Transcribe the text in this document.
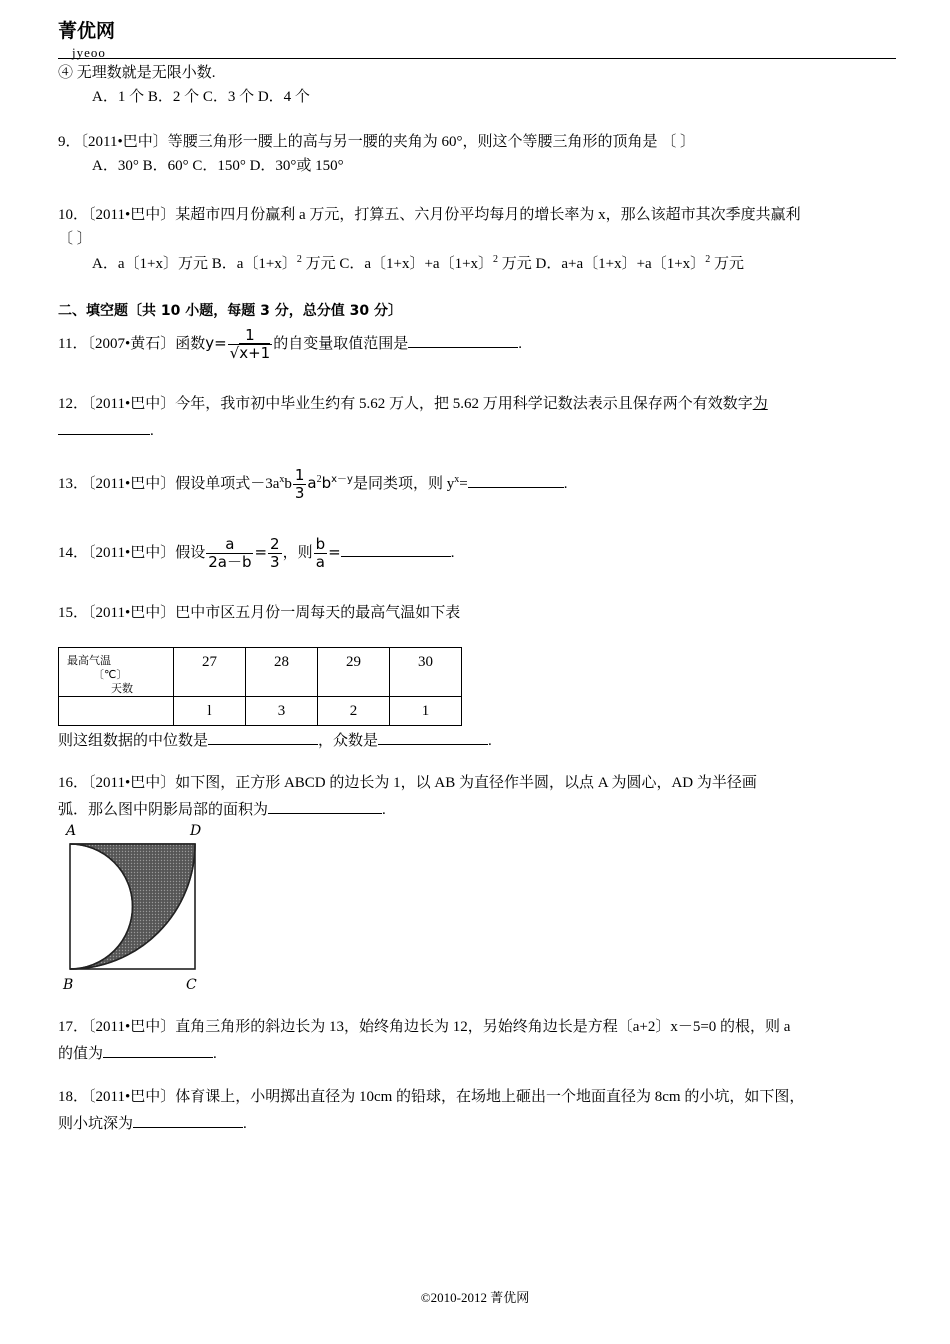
菁优网
jyeoo
④ 无理数就是无限小数.
A．1 个 B．2 个 C．3 个 D．4 个
9．〔2011•巴中〕等腰三角形一腰上的高与另一腰的夹角为 60°，则这个等腰三角形的顶角是 〔 〕
A．30° B．60° C．150° D．30°或 150°
10．〔2011•巴中〕某超市四月份赢利 a 万元，打算五、六月份平均每月的增长率为 x，那么该超市其次季度共赢利
〔 〕
A．a〔1+x〕万元 B．a〔1+x〕$^2$ 万元 C．a〔1+x〕+a〔1+x〕$^2$ 万元 D．a+a〔1+x〕+a〔1+x〕$^2$ 万元
二、填空题〔共 10 小题，每题 3 分，总分值 30 分〕
11．〔2007•黄石〕函数$y= \frac{1}{√x+1}$ 的自变量取值范围是	.
12．〔2011•巴中〕今年，我市初中毕业生约有 5.62 万人，把 5.62 万用科学记数法表示且保存两个有效数字为
.
13．〔2011•巴中〕假设单项式$-3a^xb \frac{1}{3} a^2b^{x-y}$是同类项，则 $y^x=$	.
14．〔2011•巴中〕假设 $\frac{a}{2a-b} = \frac{2}{3}$ ，则 $\frac{b}{a}$ =	.
15．〔2011•巴中〕巴中市区五月份一周每天的最高气温如下表
最高气温
〔℃〕
天数	27	28	29	30
	l	3	2	1
则这组数据的中位数是	，众数是	.
16．〔2011•巴中〕如下图，正方形 ABCD 的边长为 1，以 AB 为直径作半圆，以点 A 为圆心，AD 为半径画
弧．那么图中阴影局部的面积为	.
A	D
B	C
17．〔2011•巴中〕直角三角形的斜边长为 13，始终角边长为 12，另始终角边长是方程〔a+2〕x－5=0 的根，则 a
的值为	.
18．〔2011•巴中〕体育课上，小明掷出直径为 10cm 的铅球，在场地上砸出一个地面直径为 8cm 的小坑，如下图，
则小坑深为	.
©2010-2012 菁优网
